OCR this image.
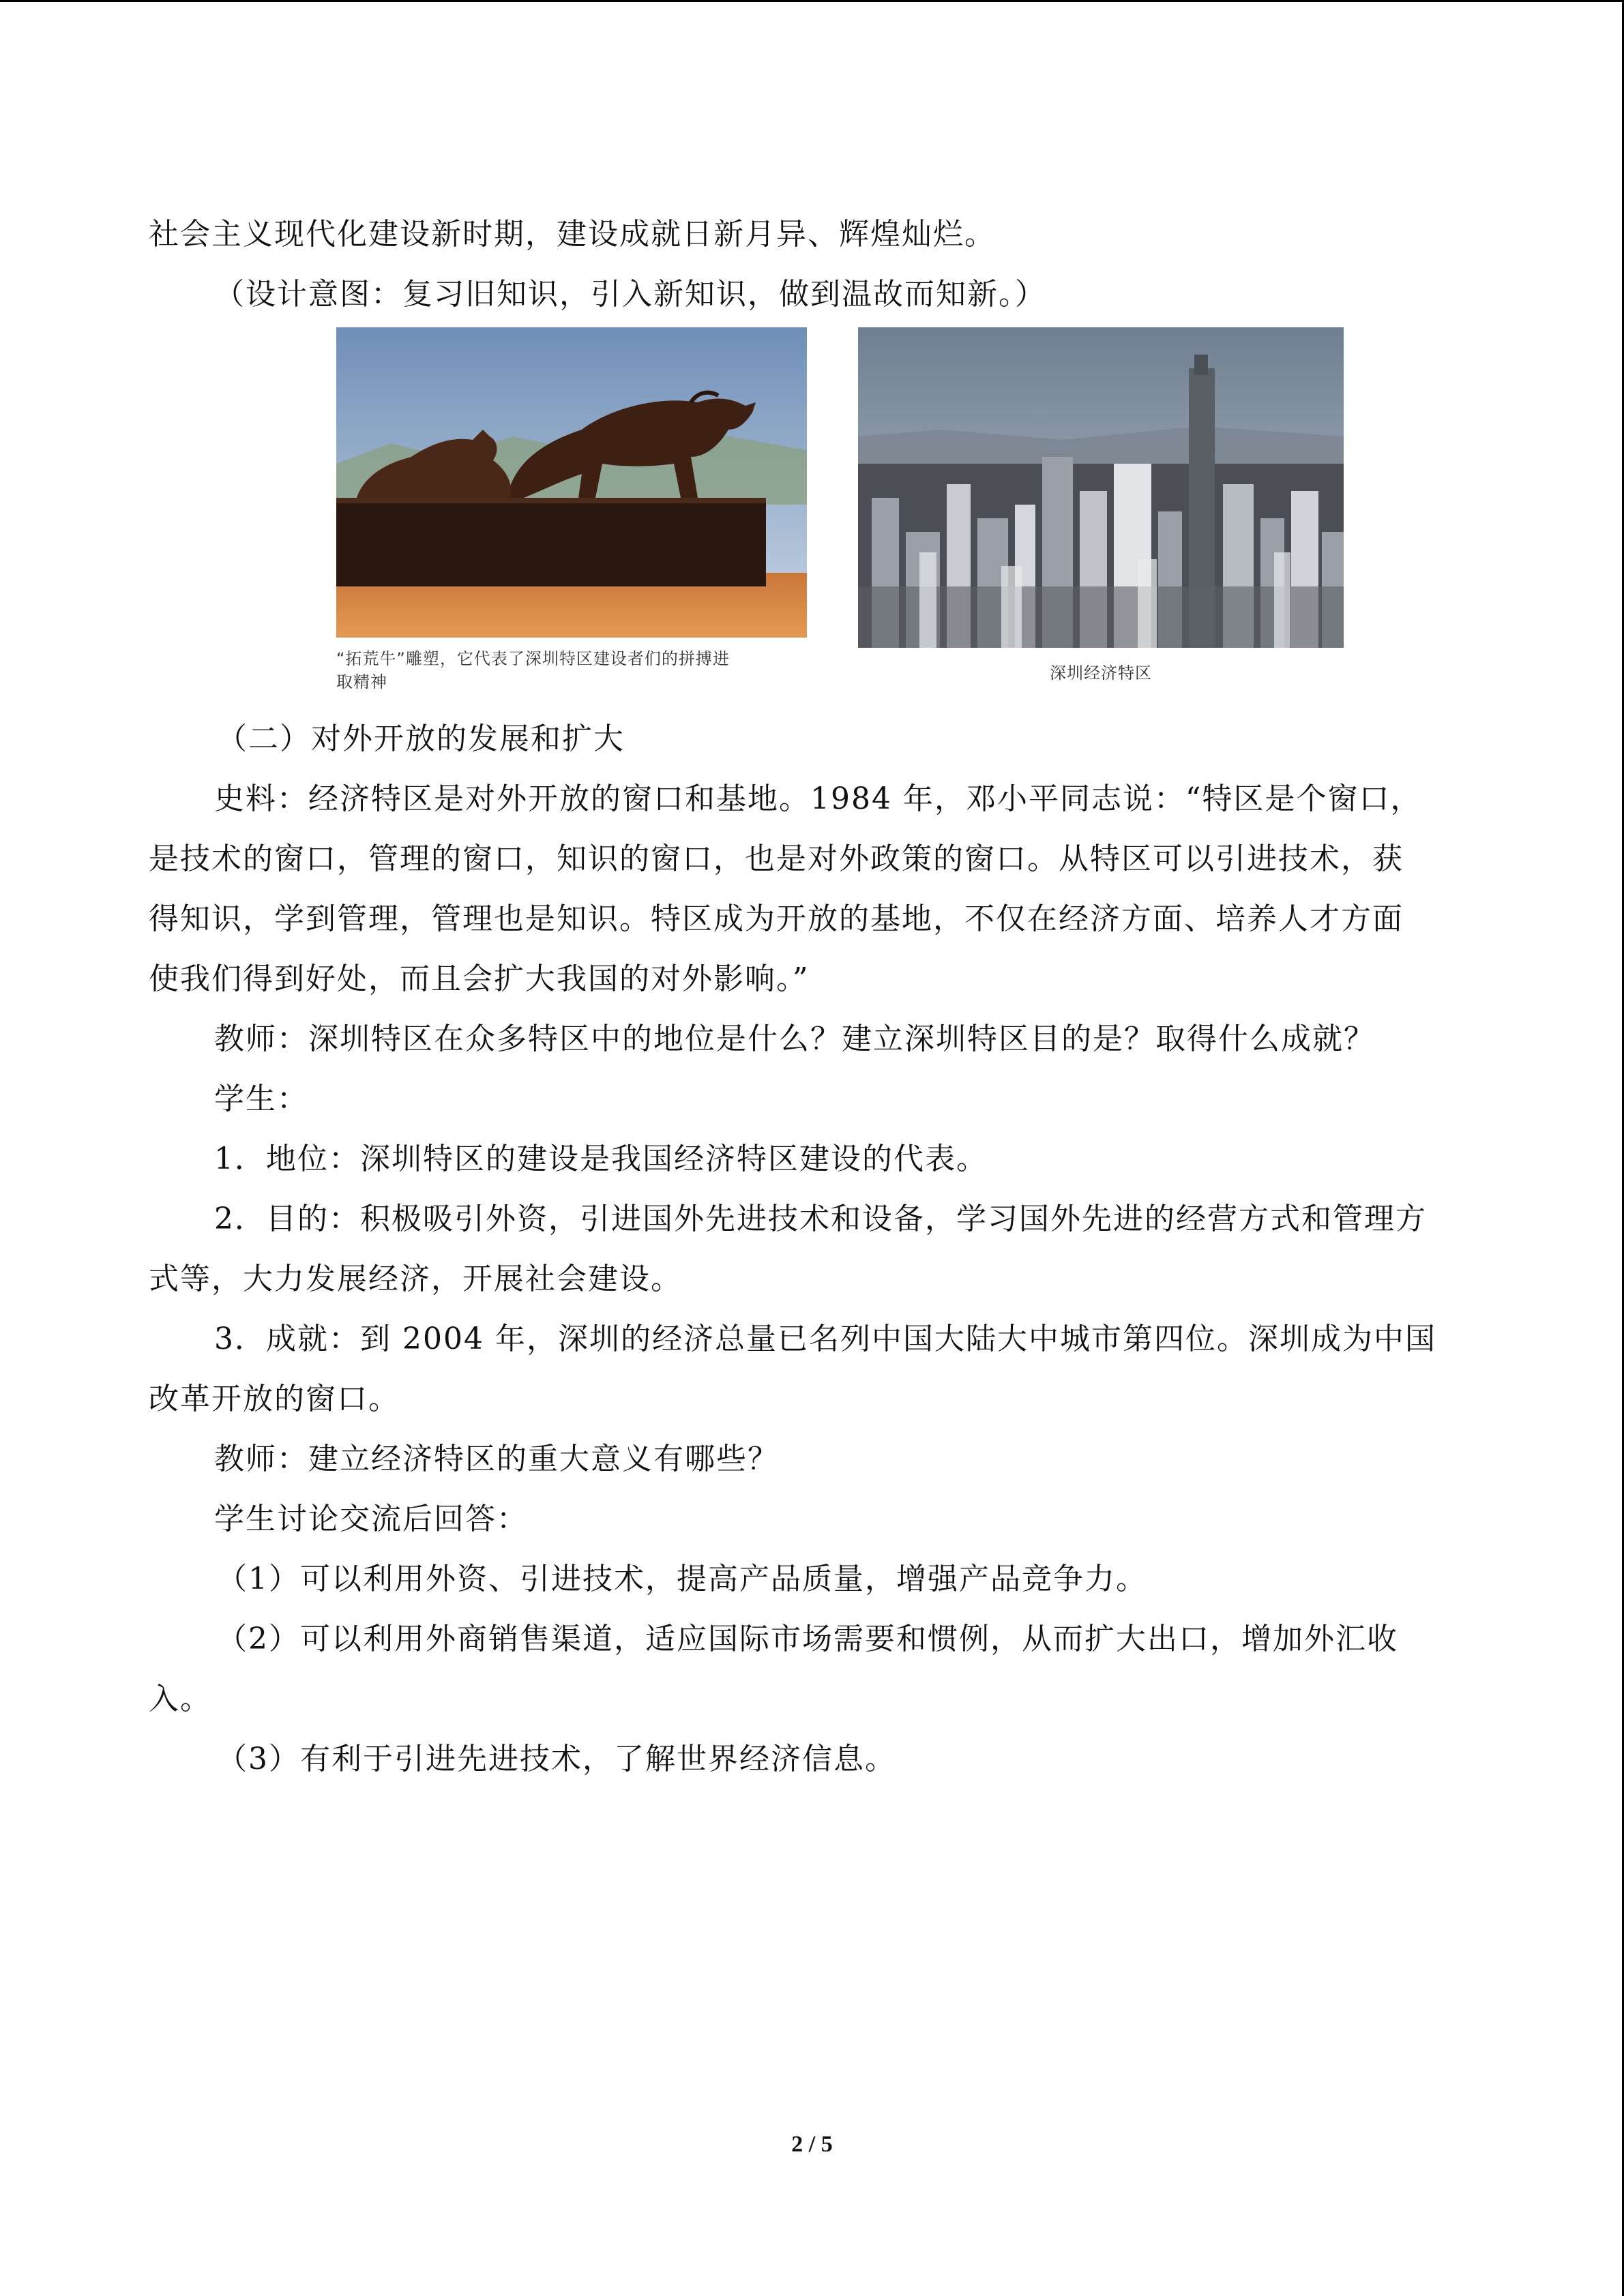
社会主义现代化建设新时期，建设成就日新月异、辉煌灿烂。
（设计意图：复习旧知识，引入新知识，做到温故而知新。）
“拓荒牛”雕塑，它代表了深圳特区建设者们的拼搏进
取精神	深圳经济特区
（二）对外开放的发展和扩大
史料：经济特区是对外开放的窗口和基地。1984 年，邓小平同志说：“特区是个窗口，
是技术的窗口，管理的窗口，知识的窗口，也是对外政策的窗口。从特区可以引进技术，获
得知识，学到管理，管理也是知识。特区成为开放的基地，不仅在经济方面、培养人才方面
使我们得到好处，而且会扩大我国的对外影响。”
教师：深圳特区在众多特区中的地位是什么？建立深圳特区目的是？取得什么成就？
学生：
1．地位：深圳特区的建设是我国经济特区建设的代表。
2．目的：积极吸引外资，引进国外先进技术和设备，学习国外先进的经营方式和管理方
式等，大力发展经济，开展社会建设。
3．成就：到 2004 年，深圳的经济总量已名列中国大陆大中城市第四位。深圳成为中国
改革开放的窗口。
教师：建立经济特区的重大意义有哪些？
学生讨论交流后回答：
（1）可以利用外资、引进技术，提高产品质量，增强产品竞争力。
（2）可以利用外商销售渠道，适应国际市场需要和惯例，从而扩大出口，增加外汇收
入。
（3）有利于引进先进技术，了解世界经济信息。
2 / 5
